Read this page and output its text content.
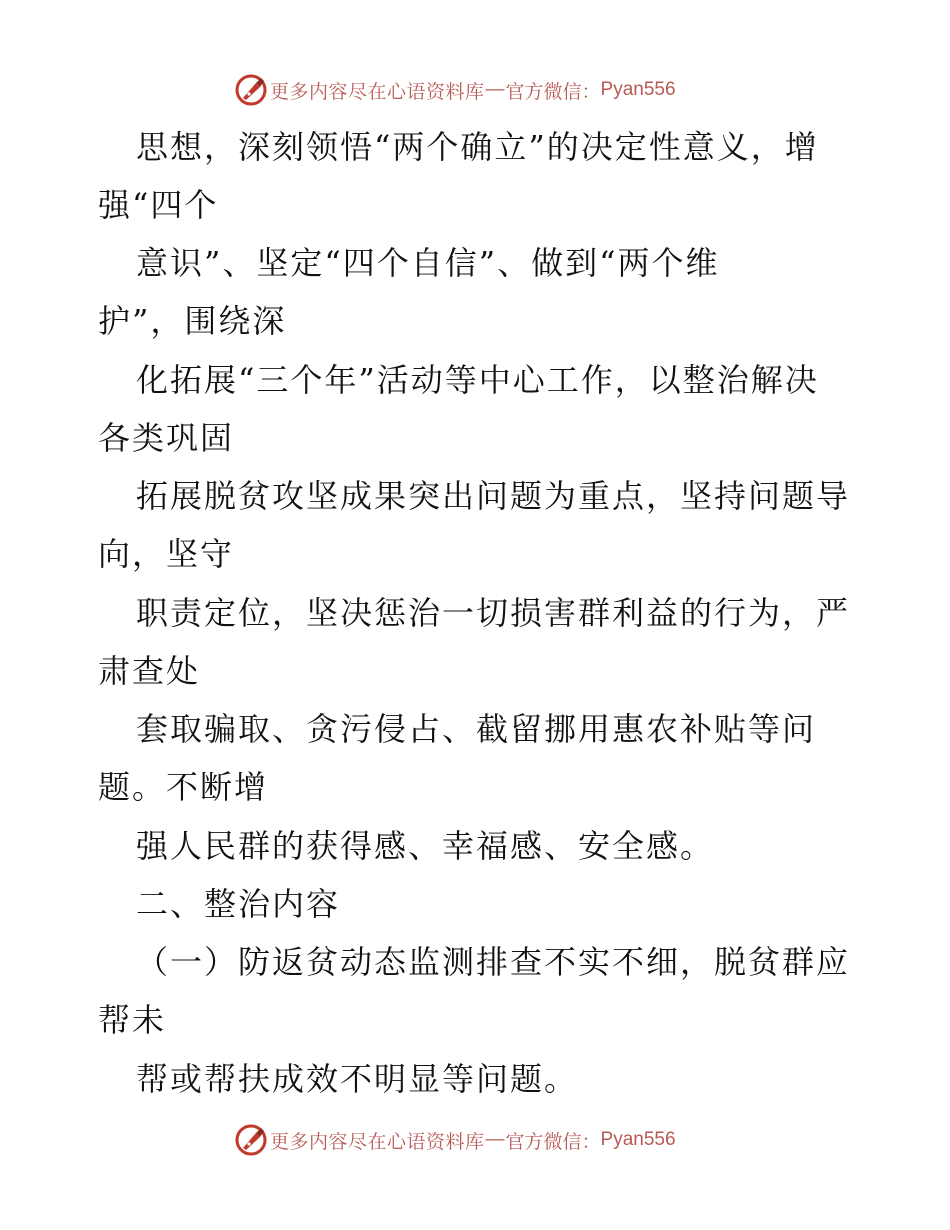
更多内容尽在心语资料库 — 官方微信： Pyan556
思想，深刻领悟“两个确立”的决定性意义，增
强“四个
意识”、坚定“四个自信”、做到“两个维
护”，围绕深
化拓展“三个年”活动等中心工作，以整治解决
各类巩固
拓展脱贫攻坚成果突出问题为重点，坚持问题导
向，坚守
职责定位，坚决惩治一切损害群利益的行为，严
肃查处
套取骗取、贪污侵占、截留挪用惠农补贴等问
题。不断增
强人民群的获得感、幸福感、安全感。
二、整治内容
（一）防返贫动态监测排查不实不细，脱贫群应
帮未
帮或帮扶成效不明显等问题。
更多内容尽在心语资料库 — 官方微信： Pyan556
